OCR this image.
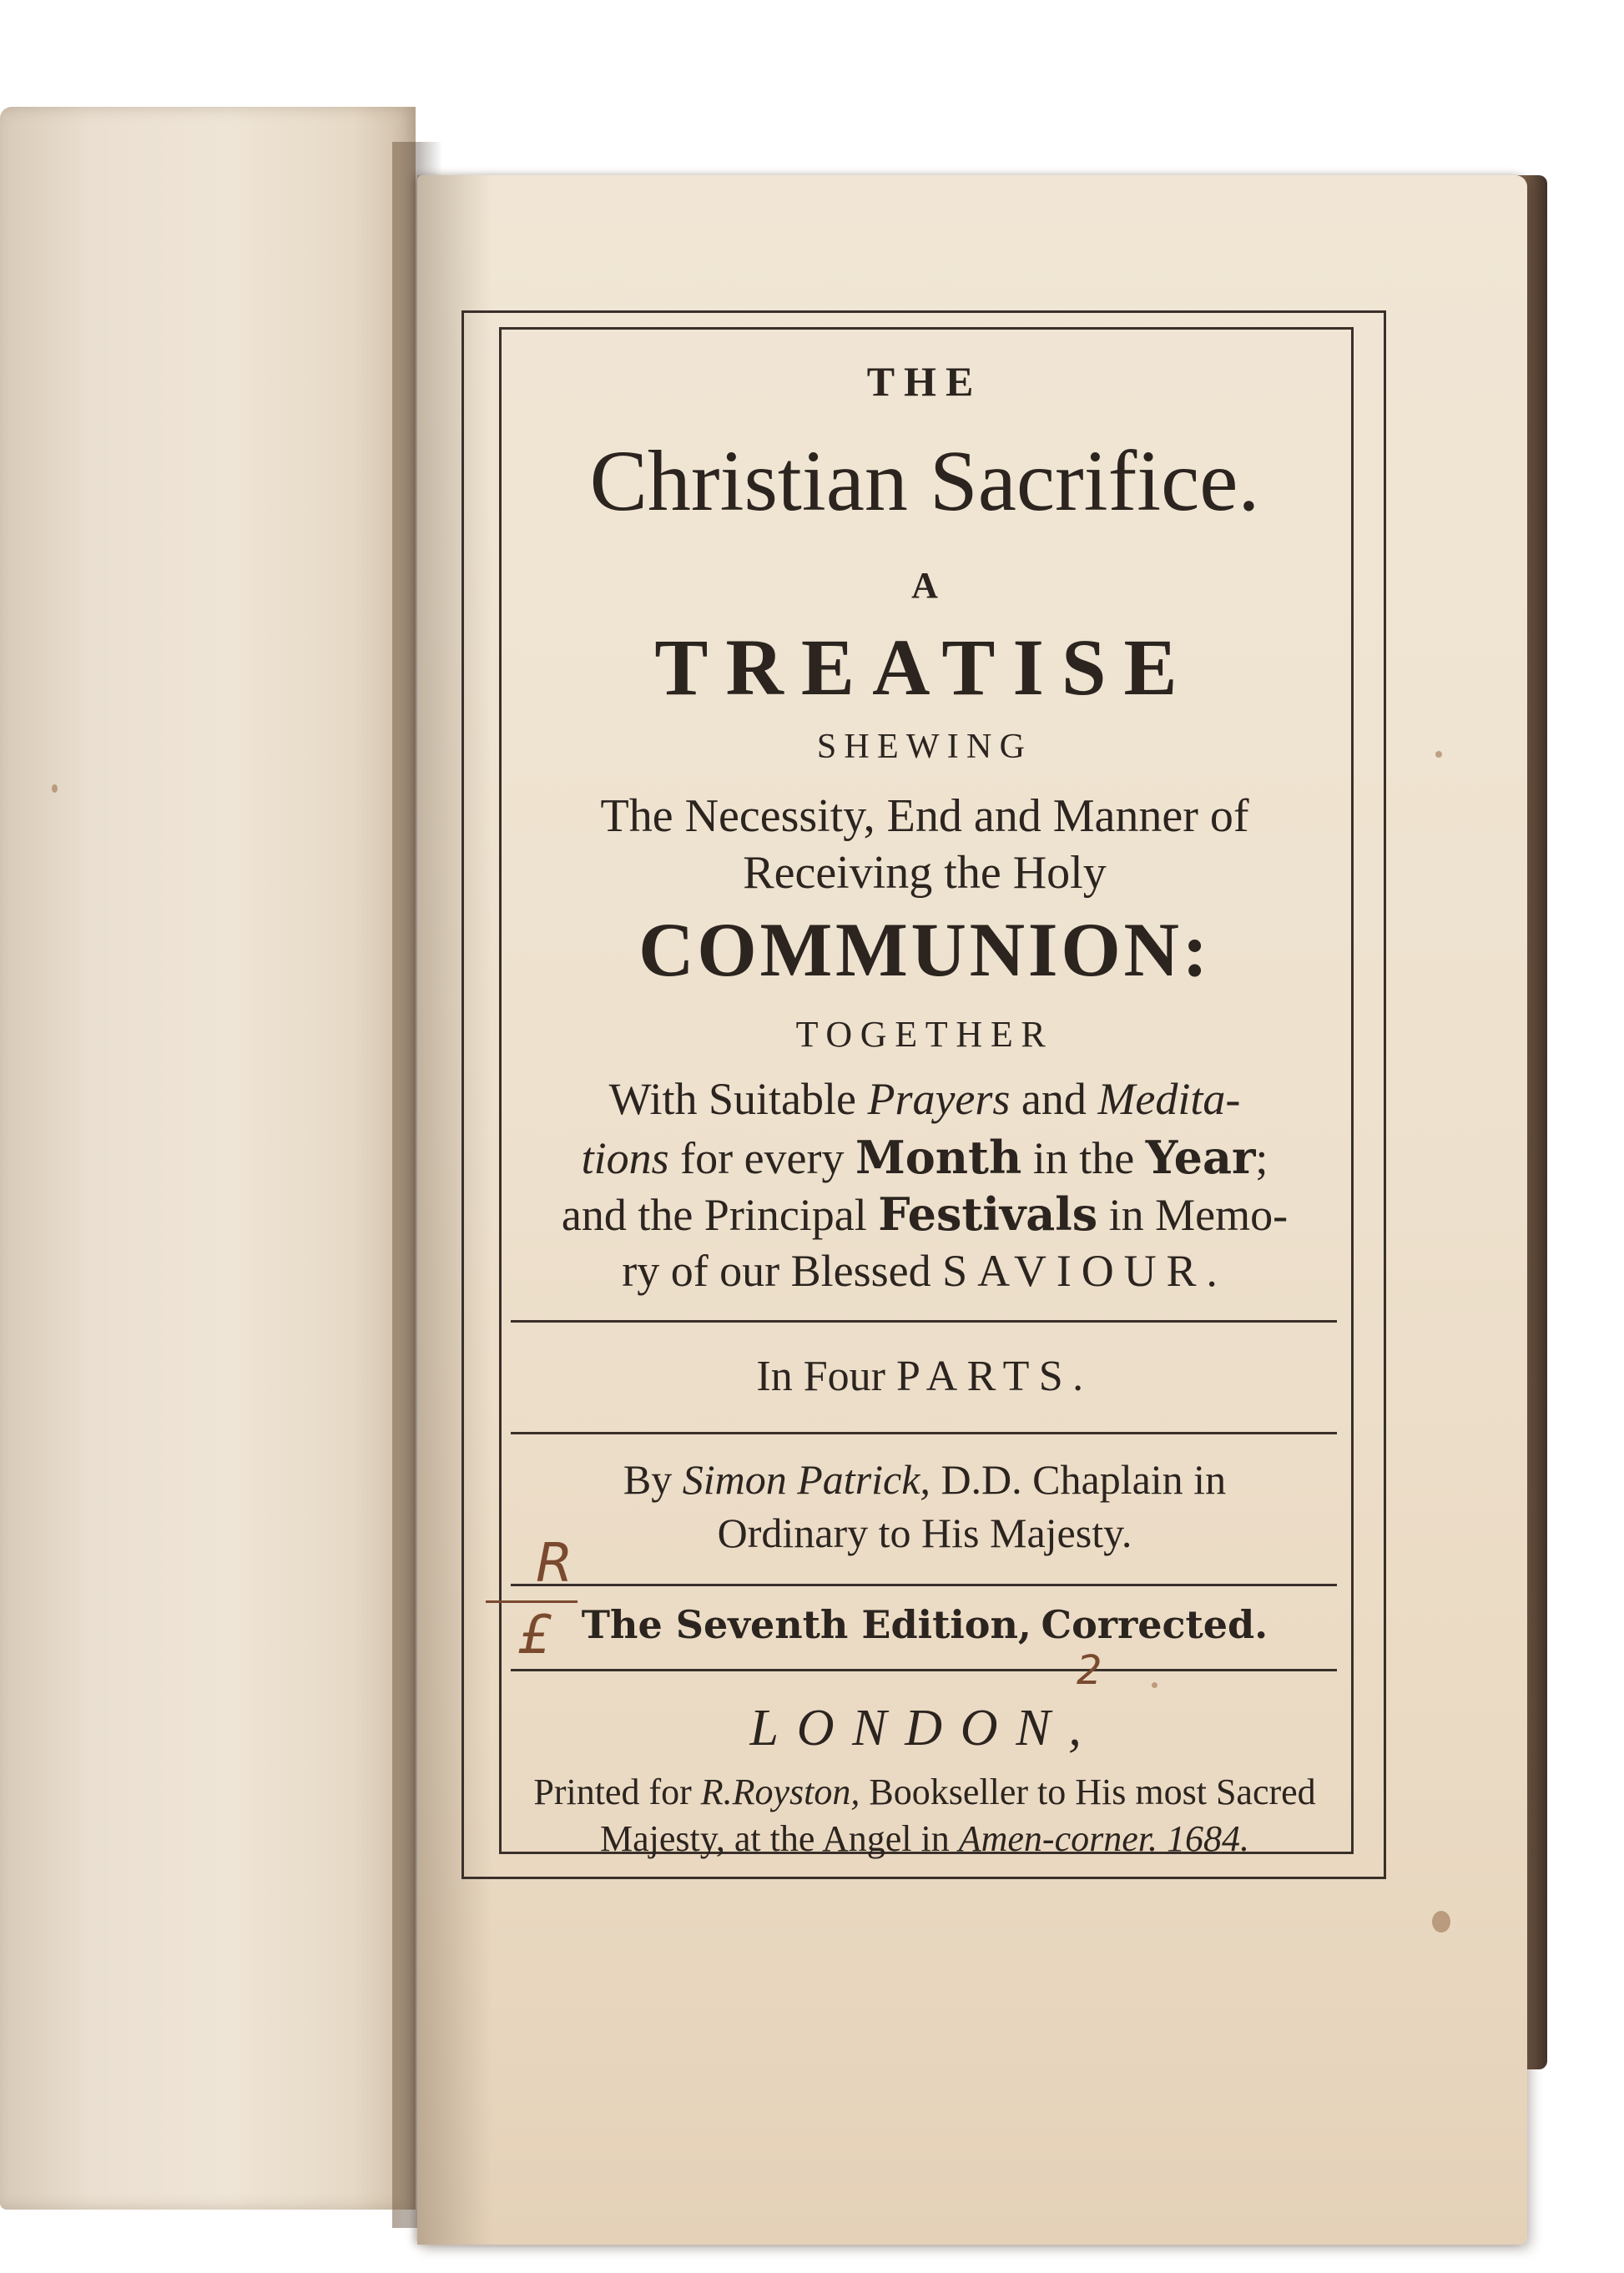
THE
Christian Sacrifice.
A
TREATISE
SHEWING
The Necessity, End and Manner of
Receiving the Holy
COMMUNION:
TOGETHER
With Suitable Prayers and Medita-
tions for every Month in the Year;
and the Principal Festivals in Memo-
ry of our Blessed SAVIOUR.
In Four PARTS.
By Simon Patrick, D.D. Chaplain in
Ordinary to His Majesty.
The Seventh Edition, Corrected.
LONDON,
Printed for R.Royston, Bookseller to His most Sacred
Majesty, at the Angel in Amen-corner. 1684.
R
£
2
